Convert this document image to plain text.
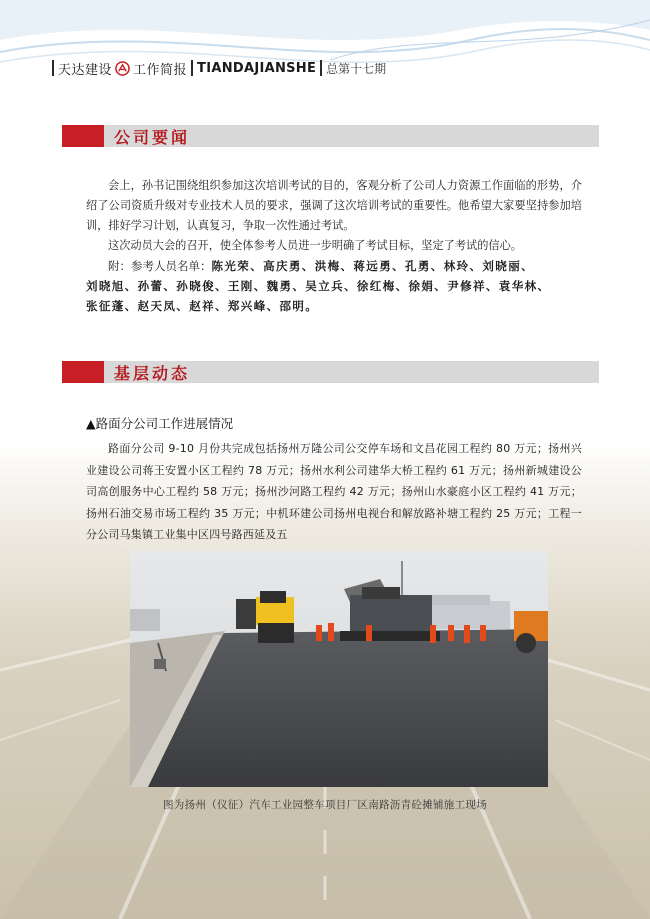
天达建设 工作简报 TIANDAJIANSHE 总第十七期
公司要闻
会上，孙书记围绕组织参加这次培训考试的目的，客观分析了公司人力资源工作面临的形势，介绍了公司资质升级对专业技术人员的要求，强调了这次培训考试的重要性。他希望大家要坚持参加培训，排好学习计划，认真复习，争取一次性通过考试。
这次动员大会的召开，使全体参考人员进一步明确了考试目标，坚定了考试的信心。
附：参考人员名单：陈光荣、高庆勇、洪梅、蒋远勇、孔勇、林玲、刘晓丽、
刘晓旭、孙蕾、孙晓俊、王刚、魏勇、吴立兵、徐红梅、徐娟、尹修祥、袁华林、
张征蓬、赵天凤、赵祥、郑兴峰、邵明。
基层动态
▲路面分公司工作进展情况
路面分公司 9-10 月份共完成包括扬州万隆公司公交停车场和文昌花园工程约 80 万元；扬州兴业建设公司蒋王安置小区工程约 78 万元；扬州水利公司建华大桥工程约 61 万元；扬州新城建设公司高创服务中心工程约 58 万元；扬州沙河路工程约 42 万元；扬州山水豪庭小区工程约 41 万元；扬州石油交易市场工程约 35 万元；中机环建公司扬州电视台和解放路补塘工程约 25 万元；工程一分公司马集镇工业集中区四号路西延及五
图为扬州（仪征）汽车工业园整车项目厂区南路沥青砼摊铺施工现场
